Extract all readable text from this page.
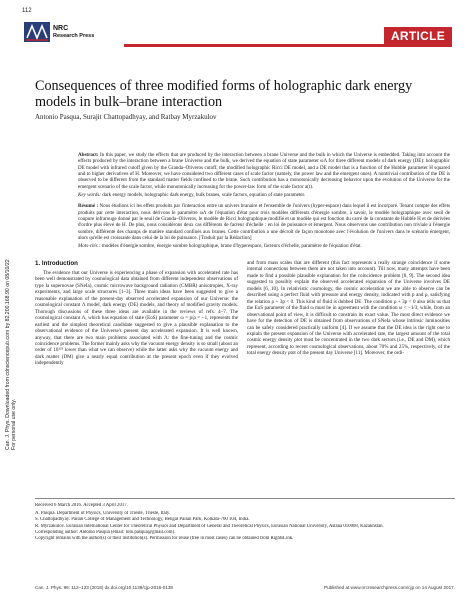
112
NRC
Research Press	ARTICLE
Consequences of three modified forms of holographic dark energy models in bulk–brane interaction
Antonio Pasqua, Surajit Chattopadhyay, and Ratbay Myrzakulov
Can. J. Phys. Downloaded from cdnsciencepub.com by 82.200.168.90 on 08/10/22
For personal use only.

Abstract: In this paper, we study the effects that are produced by the interaction between a brane Universe and the bulk in which the Universe is embedded. Taking into account the effects produced by the interaction between a brane Universe and the bulk, we derived the equation of state parameter ωΛ for three different models of dark energy (DE): holographic DE model with infrared cutoff given by the Granda–Oliveros cutoff, the modified holographic Ricci DE model, and a DE model that is a function of the Hubble parameter H squared and to higher derivatives of H. Moreover, we have considered two different cases of scale factor (namely, the power law and the emergent ones). A nontrivial contribution of the DE is observed to be different from the standard matter fields confined to the brane. Such contribution has a monotonically decreasing behavior upon the evolution of the Universe for the emergent scenario of the scale factor, while monotonically increasing for the power-law form of the scale factor a(t).

Key words: dark energy models, holographic dark energy, bulk branes, scale factors, equation of state parameter.

Résumé : Nous étudions ici les effets produits par l'interaction entre un univers branaire et l'ensemble de l'univers (hyper-espace) dans lequel il est incorporé. Tenant compte des effets produits par cette interaction, nous dérivons le paramètre ωΛ de l'équation d'état pour trois modèles différents d'énergie sombre, à savoir, le modèle holographique avec seuil de coupure infrarouge donné par le seuil de Granda–Oliveros, le modèle de Ricci holographique modifié et un modèle qui est fonction du carré de la constante de Hubble H et de dérivées d'ordre plus élevé de H. De plus, nous considérons deux cas différents de facteur d'échelle : en loi de puissance et émergent. Nous observons une contribution non triviale à l'énergie sombre, différente des champs de matière standard confinés aux branes. Cette contribution a une décroît de façon monotone avec l'évolution de l'univers dans le scénario émergent, alors qu'elle est croissante dans celui de la loi de puissance. [Traduit par la Rédaction]

Mots-clés : modèles d'énergie sombre, énergie sombre holographique, brane d'hyperespace, facteurs d'échelle, paramètre de l'équation d'état.

1. Introduction

The evidence that our Universe is experiencing a phase of expansion with accelerated rate has been well demonstrated by cosmological data obtained from different independent observations of type Ia supernovae (SNeIa), cosmic microwave background radiation (CMBR) anisotropies, X-ray experiments, and large scale structures [1–3]. Three main ideas have been suggested to give a reasonable explanation of the present-day observed accelerated expansion of our Universe: the cosmological constant Λ model, dark energy (DE) models, and theory of modified gravity models. Thorough discussions of these three ideas are available in the reviews of refs. 4–7. The cosmological constant Λ, which has equation of state (EoS) parameter ω = p/ρ = −1, represents the earliest and the simplest theoretical candidate suggested to give a plausible explanation to the observational evidence of the Universe's present day accelerated expansion. It is well known, anyway, that there are two main problems associated with Λ: the fine-tuning and the cosmic coincidence problems. The former mainly asks why the vacuum energy density is so small (about an order of 10¹²³ lower than what we can observe) while the latter asks why the vacuum energy and dark matter (DM) give a nearly equal contribution at the present epoch even if they evolved independently

and from mass scales that are different (this fact represents a really strange coincidence if some internal connections between them are not taken into account). Till now, many attempts have been made to find a possible plausible explanation for the coincidence problem [8, 9]. The second idea suggested to possibly explain the observed accelerated expansion of the Universe involves DE models [6, 10]. In relativistic cosmology, the cosmic acceleration we are able to observe can be described using a perfect fluid with pressure and energy density, indicated with p and ρ, satisfying the relation ρ + 3p < 0. This kind of fluid is dubbed DE. The condition ρ + 3p < 0 also tells us that the EoS parameter of the fluid ω must be in agreement with the condition ω < −1/3, while, from an observational point of view, it is difficult to constrain its exact value. The most direct evidence we have for the detection of DE is obtained from observations of SNeIa whose intrinsic luminosities can be safely considered practically uniform [4]. If we assume that the DE idea is the right one to explain the present expansion of the Universe with accelerated rate, the largest amount of the total cosmic energy density ρtot must be concentrated in the two dark sectors (i.e., DE and DM), which represent, according to recent cosmological observations, about 70% and 25%, respectively, of the total energy density ρtot of the present day Universe [11]. Moreover, the ordi-

Received 6 March 2016. Accepted 3 April 2017.
A. Pasqua. Department of Physics, University of Trieste, Trieste, Italy.
S. Chattopadhyay. Pailan College of Management and Technology, Bengal Pailan Park, Kolkata-700 104, India.
R. Myrzakulov. Eurasian International Center for Theoretical Physics and Department of General and Theoretical Physics, Eurasian National University, Astana 010008, Kazakhstan.
Corresponding author: Antonio Pasqua (email: toto.pasqua@gmail.com).
Copyright remains with the author(s) or their institution(s). Permission for reuse (free in most cases) can be obtained from RightsLink.
Can. J. Phys. 96: 112–123 (2018) dx.doi.org/10.1139/cjp-2016-0138	Published at www.nrcresearchpress.com/cjp on 14 August 2017.
